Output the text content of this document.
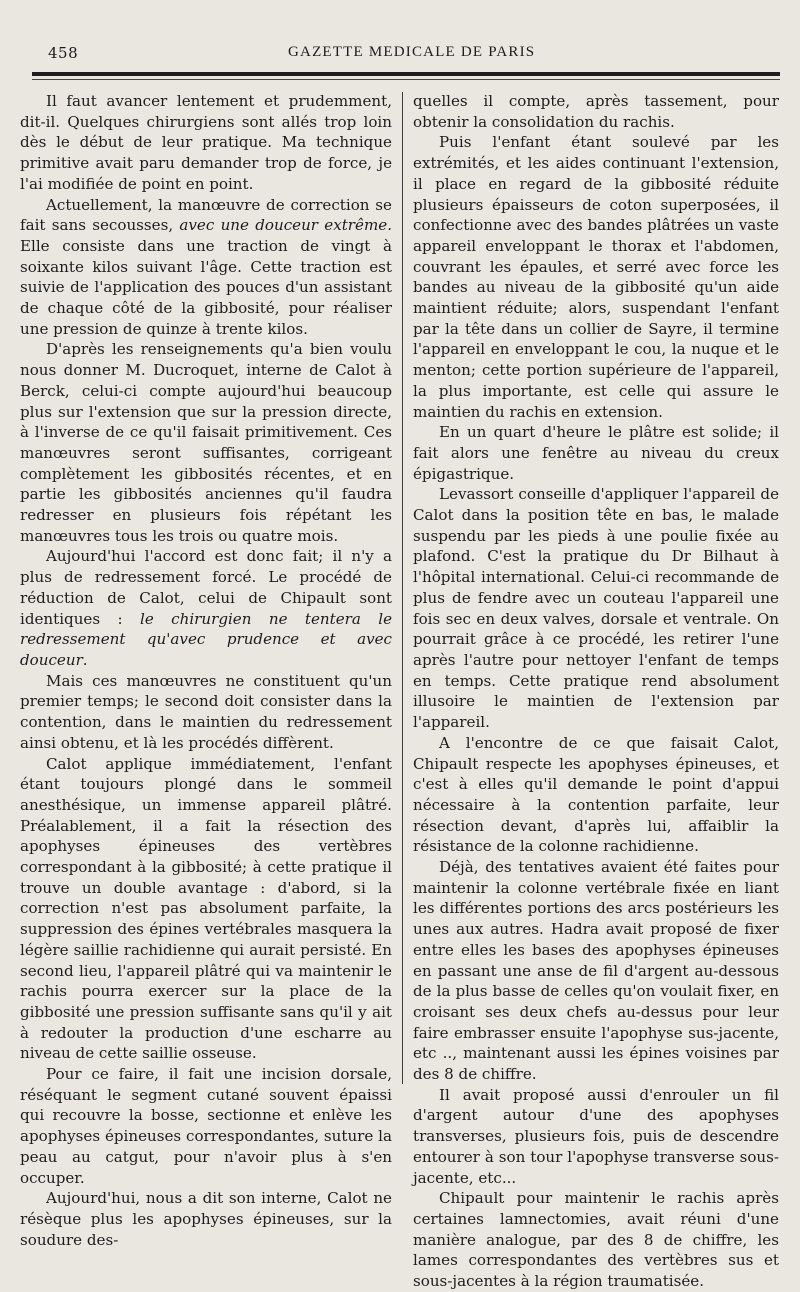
458	GAZETTE MEDICALE DE PARIS

Il faut avancer lentement et prudemment, dit-il. Quelques chirurgiens sont allés trop loin dès le début de leur pratique. Ma technique primitive avait paru demander trop de force, je l'ai modifiée de point en point.

Actuellement, la manœuvre de correction se fait sans secousses, avec une douceur extrême. Elle consiste dans une traction de vingt à soixante kilos suivant l'âge. Cette traction est suivie de l'application des pouces d'un assistant de chaque côté de la gibbosité, pour réaliser une pression de quinze à trente kilos.

D'après les renseignements qu'a bien voulu nous donner M. Ducroquet, interne de Calot à Berck, celui-ci compte aujourd'hui beaucoup plus sur l'extension que sur la pression directe, à l'inverse de ce qu'il faisait primitivement. Ces manœuvres seront suffisantes, corrigeant complètement les gibbosités récentes, et en partie les gibbosités anciennes qu'il faudra redresser en plusieurs fois répétant les manœuvres tous les trois ou quatre mois.

Aujourd'hui l'accord est donc fait; il n'y a plus de redressement forcé. Le procédé de réduction de Calot, celui de Chipault sont identiques : le chirurgien ne tentera le redressement qu'avec prudence et avec douceur.

Mais ces manœuvres ne constituent qu'un premier temps; le second doit consister dans la contention, dans le maintien du redressement ainsi obtenu, et là les procédés diffèrent.

Calot applique immédiatement, l'enfant étant toujours plongé dans le sommeil anesthésique, un immense appareil plâtré. Préalablement, il a fait la résection des apophyses épineuses des vertèbres correspondant à la gibbosité; à cette pratique il trouve un double avantage : d'abord, si la correction n'est pas absolument parfaite, la suppression des épines vertébrales masquera la légère saillie rachidienne qui aurait persisté. En second lieu, l'appareil plâtré qui va maintenir le rachis pourra exercer sur la place de la gibbosité une pression suffisante sans qu'il y ait à redouter la production d'une escharre au niveau de cette saillie osseuse.

Pour ce faire, il fait une incision dorsale, réséquant le segment cutané souvent épaissi qui recouvre la bosse, sectionne et enlève les apophyses épineuses correspondantes, suture la peau au catgut, pour n'avoir plus à s'en occuper.

Aujourd'hui, nous a dit son interne, Calot ne résèque plus les apophyses épineuses, sur la soudure des-

quelles il compte, après tassement, pour obtenir la consolidation du rachis.

Puis l'enfant étant soulevé par les extrémités, et les aides continuant l'extension, il place en regard de la gibbosité réduite plusieurs épaisseurs de coton superposées, il confectionne avec des bandes plâtrées un vaste appareil enveloppant le thorax et l'abdomen, couvrant les épaules, et serré avec force les bandes au niveau de la gibbosité qu'un aide maintient réduite; alors, suspendant l'enfant par la tête dans un collier de Sayre, il termine l'appareil en enveloppant le cou, la nuque et le menton; cette portion supérieure de l'appareil, la plus importante, est celle qui assure le maintien du rachis en extension.

En un quart d'heure le plâtre est solide; il fait alors une fenêtre au niveau du creux épigastrique.

Levassort conseille d'appliquer l'appareil de Calot dans la position tête en bas, le malade suspendu par les pieds à une poulie fixée au plafond. C'est la pratique du Dr Bilhaut à l'hôpital international. Celui-ci recommande de plus de fendre avec un couteau l'appareil une fois sec en deux valves, dorsale et ventrale. On pourrait grâce à ce procédé, les retirer l'une après l'autre pour nettoyer l'enfant de temps en temps. Cette pratique rend absolument illusoire le maintien de l'extension par l'appareil.

A l'encontre de ce que faisait Calot, Chipault respecte les apophyses épineuses, et c'est à elles qu'il demande le point d'appui nécessaire à la contention parfaite, leur résection devant, d'après lui, affaiblir la résistance de la colonne rachidienne.

Déjà, des tentatives avaient été faites pour maintenir la colonne vertébrale fixée en liant les différentes portions des arcs postérieurs les unes aux autres. Hadra avait proposé de fixer entre elles les bases des apophyses épineuses en passant une anse de fil d'argent au-dessous de la plus basse de celles qu'on voulait fixer, en croisant ses deux chefs au-dessus pour leur faire embrasser ensuite l'apophyse sus-jacente, etc .., maintenant aussi les épines voisines par des 8 de chiffre.

Il avait proposé aussi d'enrouler un fil d'argent autour d'une des apophyses transverses, plusieurs fois, puis de descendre entourer à son tour l'apophyse transverse sous-jacente, etc...

Chipault pour maintenir le rachis après certaines lamnectomies, avait réuni d'une manière analogue, par des 8 de chiffre, les lames correspondantes des vertèbres sus et sous-jacentes à la région traumatisée.
